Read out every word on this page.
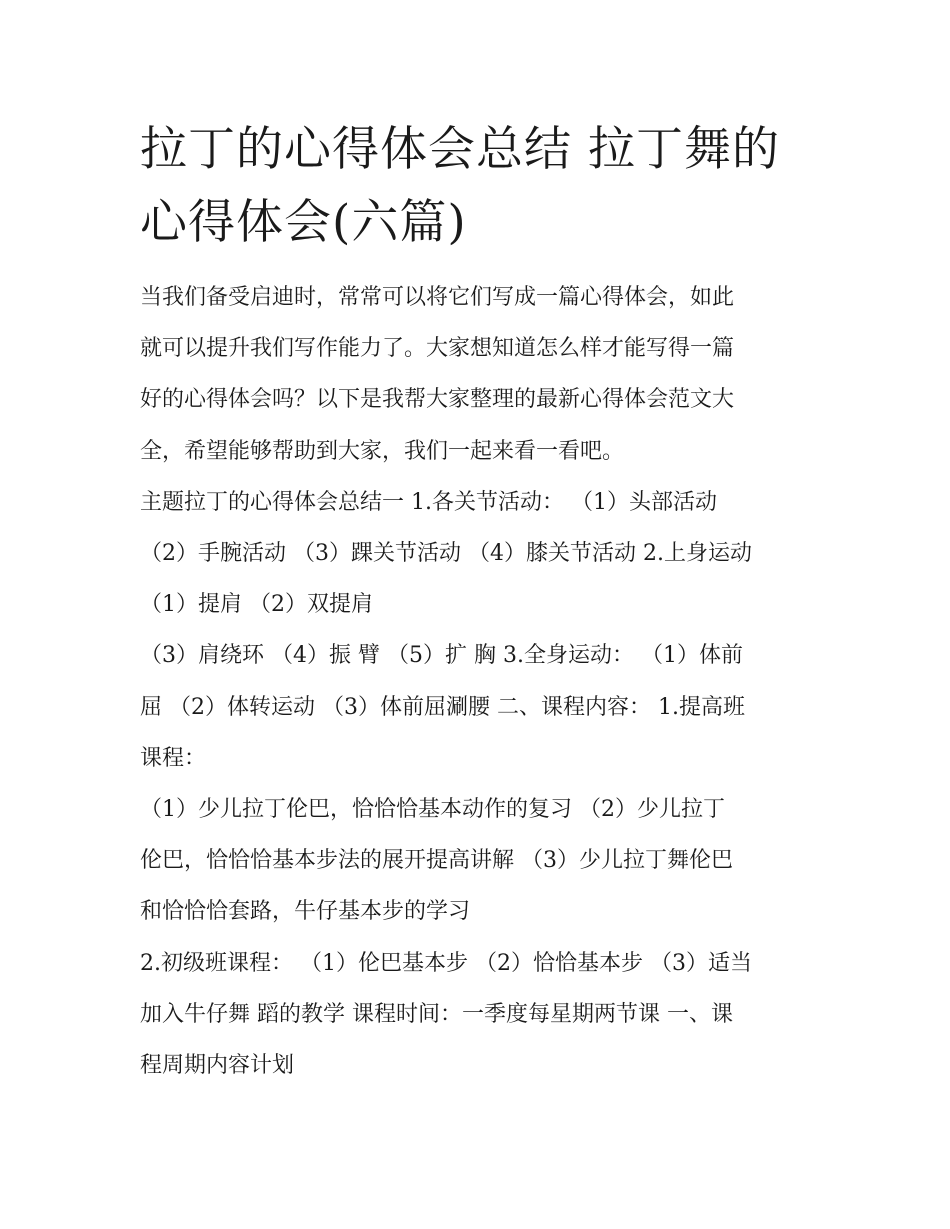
拉丁的心得体会总结 拉丁舞的
心得体会(六篇)
当我们备受启迪时，常常可以将它们写成一篇心得体会，如此
就可以提升我们写作能力了。大家想知道怎么样才能写得一篇
好的心得体会吗？以下是我帮大家整理的最新心得体会范文大
全，希望能够帮助到大家，我们一起来看一看吧。
主题拉丁的心得体会总结一 1.各关节活动： （1）头部活动
（2）手腕活动 （3）踝关节活动 （4）膝关节活动 2.上身运动
（1）提肩 （2）双提肩
（3）肩绕环 （4）振 臂 （5）扩 胸 3.全身运动： （1）体前
屈 （2）体转运动 （3）体前屈涮腰 二、课程内容： 1.提高班
课程：
（1）少儿拉丁伦巴，恰恰恰基本动作的复习 （2）少儿拉丁
伦巴，恰恰恰基本步法的展开提高讲解 （3）少儿拉丁舞伦巴
和恰恰恰套路，牛仔基本步的学习
2.初级班课程： （1）伦巴基本步 （2）恰恰基本步 （3）适当
加入牛仔舞 蹈的教学 课程时间：一季度每星期两节课 一、课
程周期内容计划
